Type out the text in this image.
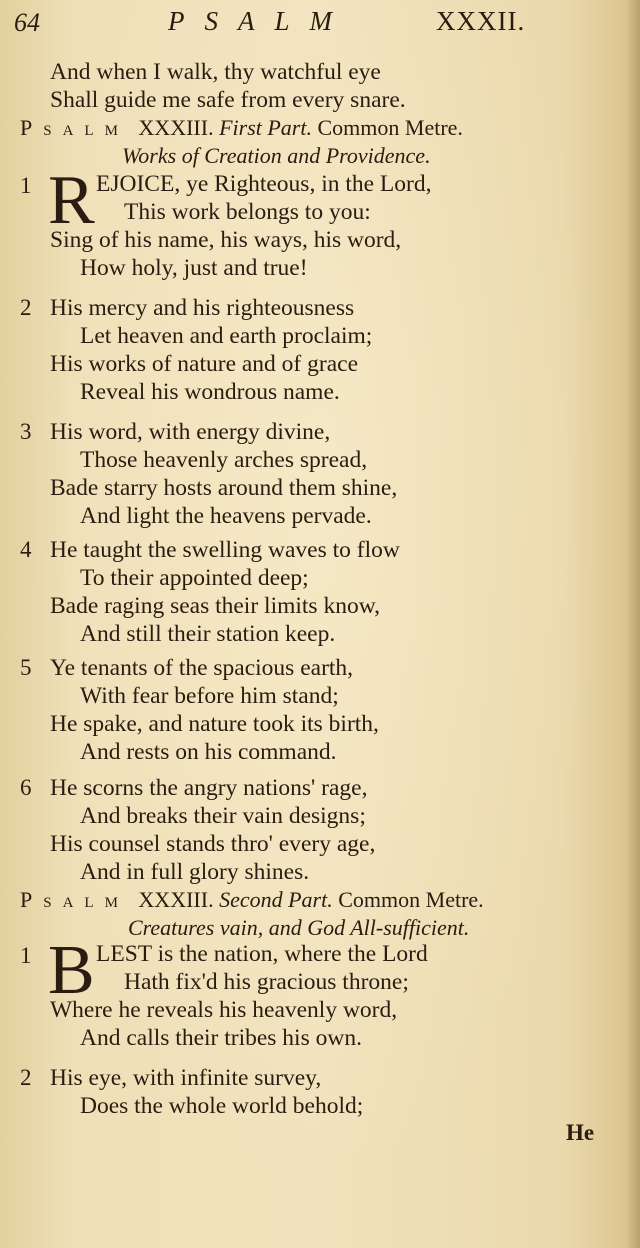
64	PSALM	XXXII.
And when I walk, thy watchful eye
Shall guide me safe from every snare.
Psalm XXXIII. First Part. Common Metre.
Works of Creation and Providence.
1 R EJOICE, ye Righteous, in the Lord,
This work belongs to you:
Sing of his name, his ways, his word,
How holy, just and true!
2 His mercy and his righteousness
Let heaven and earth proclaim;
His works of nature and of grace
Reveal his wondrous name.
3 His word, with energy divine,
Those heavenly arches spread,
Bade starry hosts around them shine,
And light the heavens pervade.
4 He taught the swelling waves to flow
To their appointed deep;
Bade raging seas their limits know,
And still their station keep.
5 Ye tenants of the spacious earth,
With fear before him stand;
He spake, and nature took its birth,
And rests on his command.
6 He scorns the angry nations' rage,
And breaks their vain designs;
His counsel stands thro' every age,
And in full glory shines.
Psalm XXXIII. Second Part. Common Metre.
Creatures vain, and God All-sufficient.
1 B LEST is the nation, where the Lord
Hath fix'd his gracious throne;
Where he reveals his heavenly word,
And calls their tribes his own.
2 His eye, with infinite survey,
Does the whole world behold;
He
